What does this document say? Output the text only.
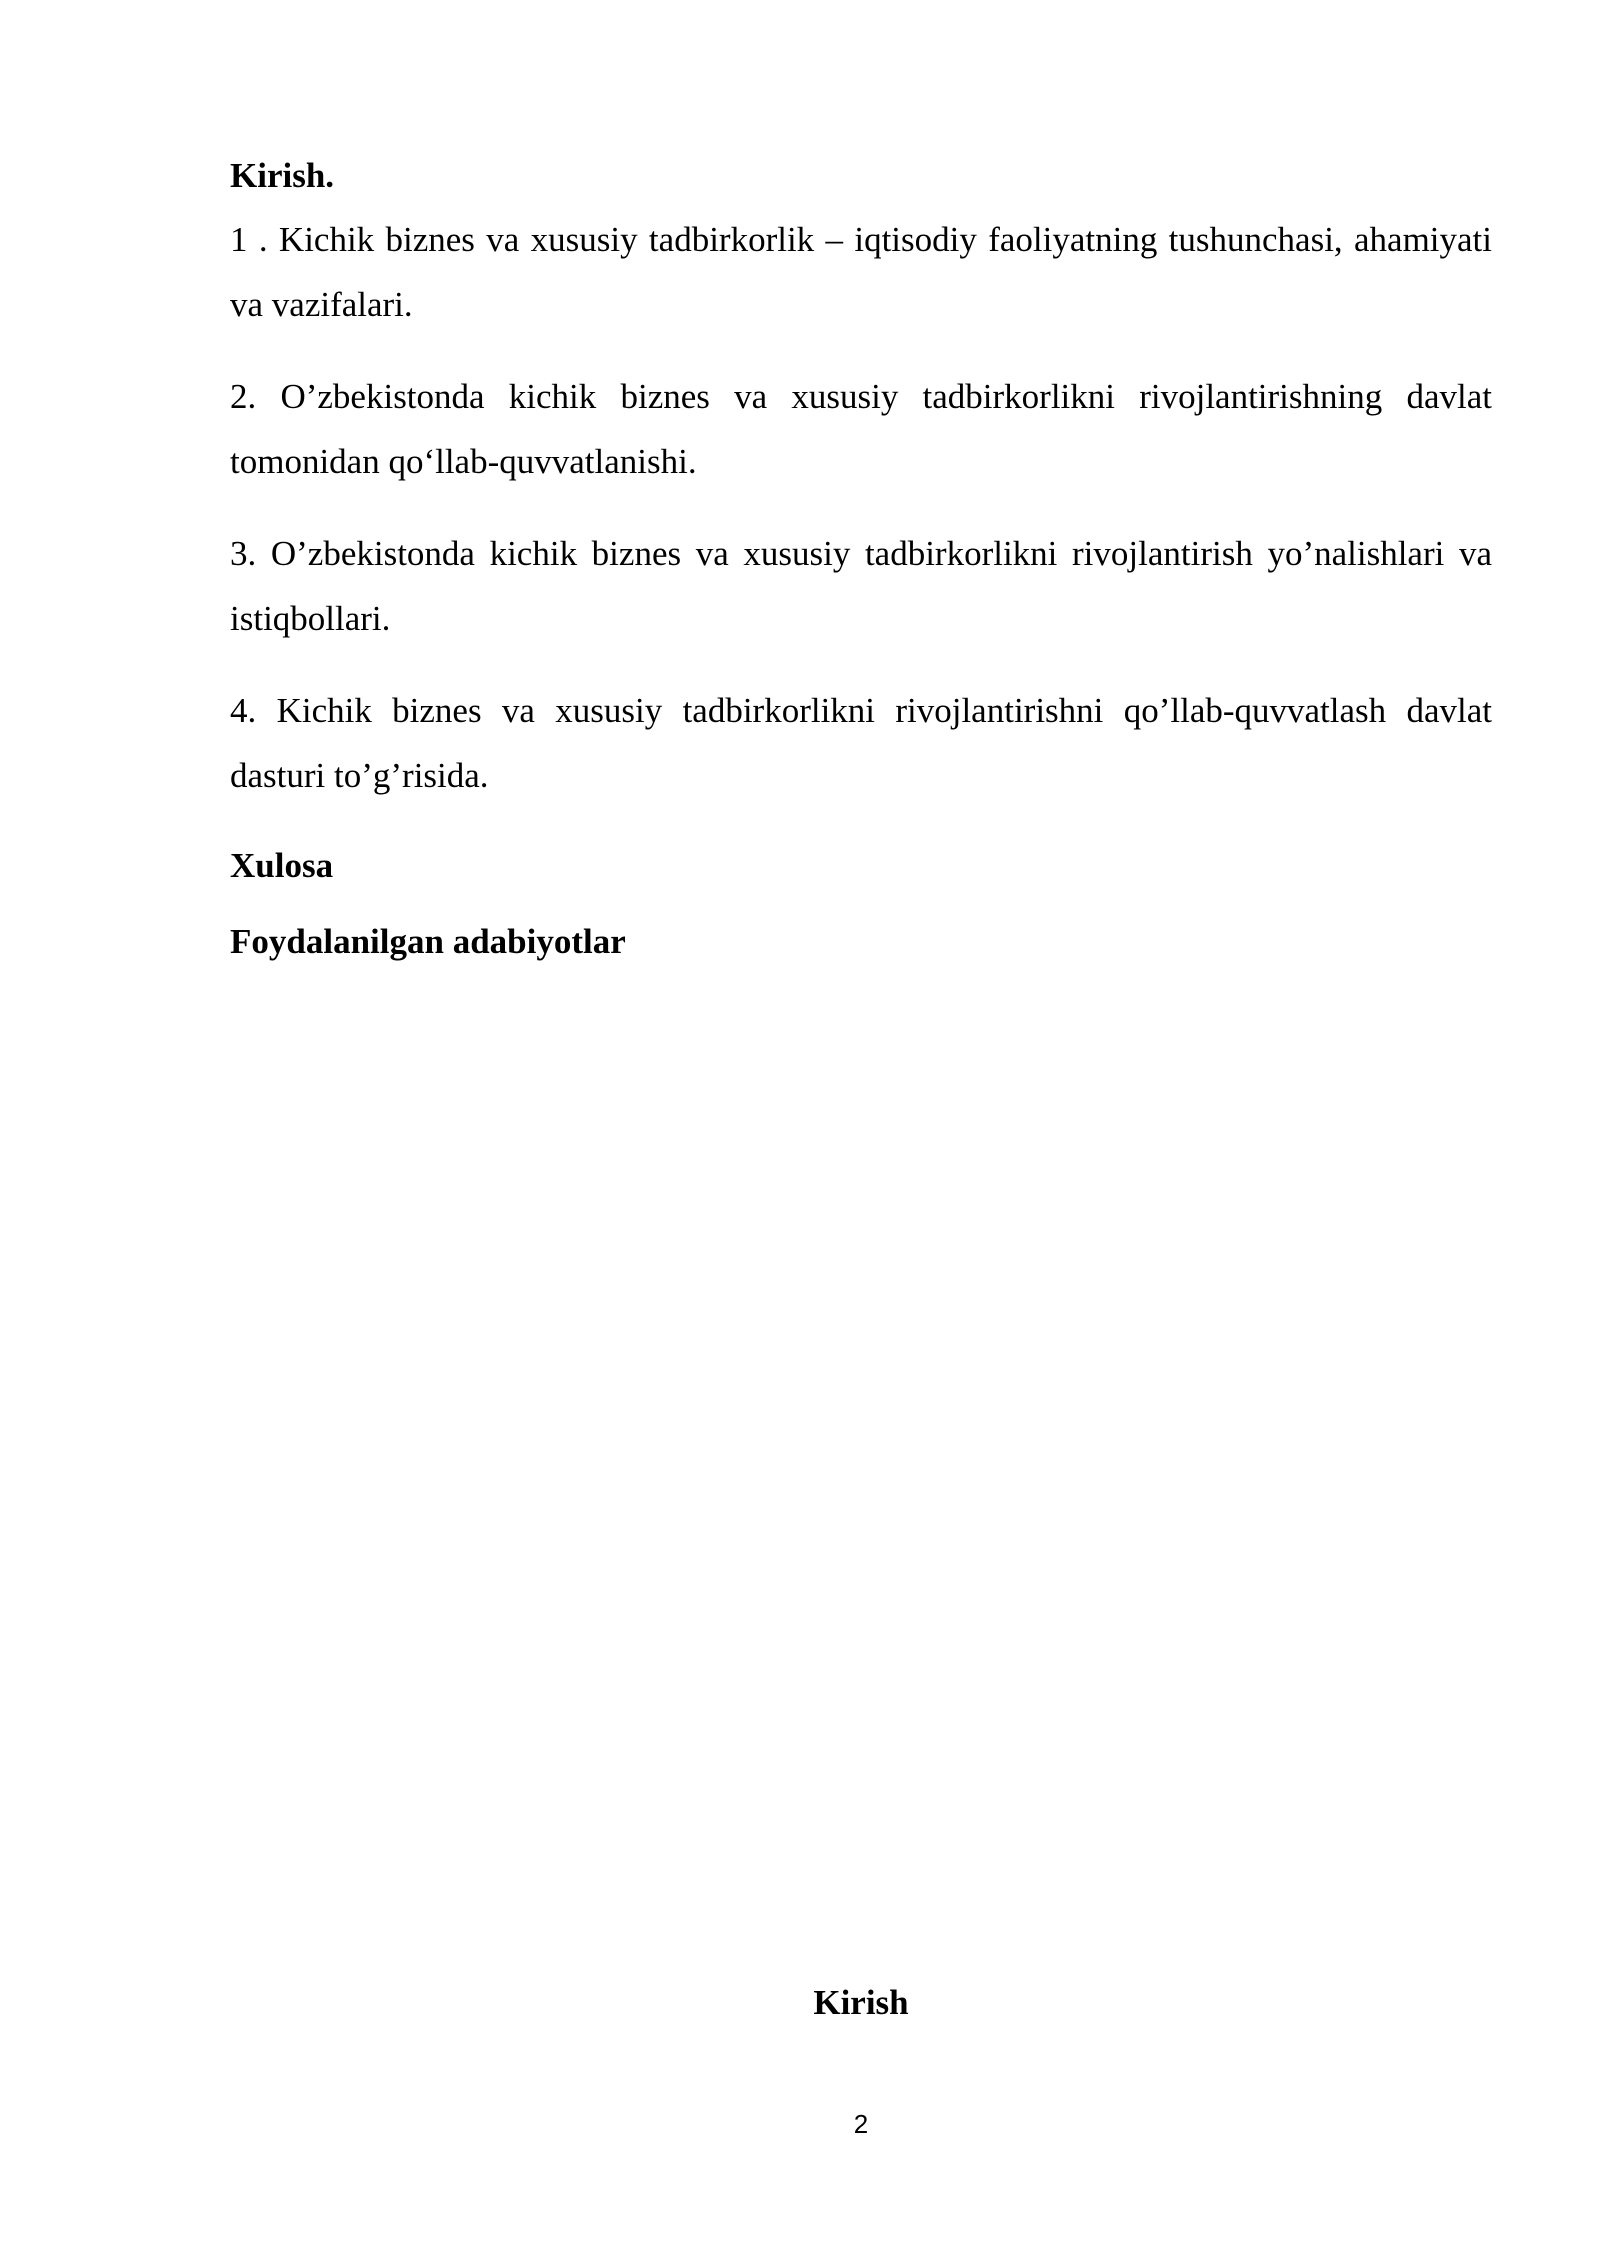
Kirish.

1 . Kichik biznes va xususiy tadbirkorlik – iqtisodiy faoliyatning tushunchasi, ahamiyati va vazifalari.

2. O’zbekistonda kichik biznes va xususiy tadbirkorlikni rivojlantirishning davlat tomonidan qo‘llab-quvvatlanishi.

3. O’zbekistonda kichik biznes va xususiy tadbirkorlikni rivojlantirish yo’nalishlari va istiqbollari.

4. Kichik biznes va xususiy tadbirkorlikni rivojlantirishni qo’llab-quvvatlash davlat dasturi to’g’risida.

Xulosa

Foydalanilgan adabiyotlar

Kirish

2
